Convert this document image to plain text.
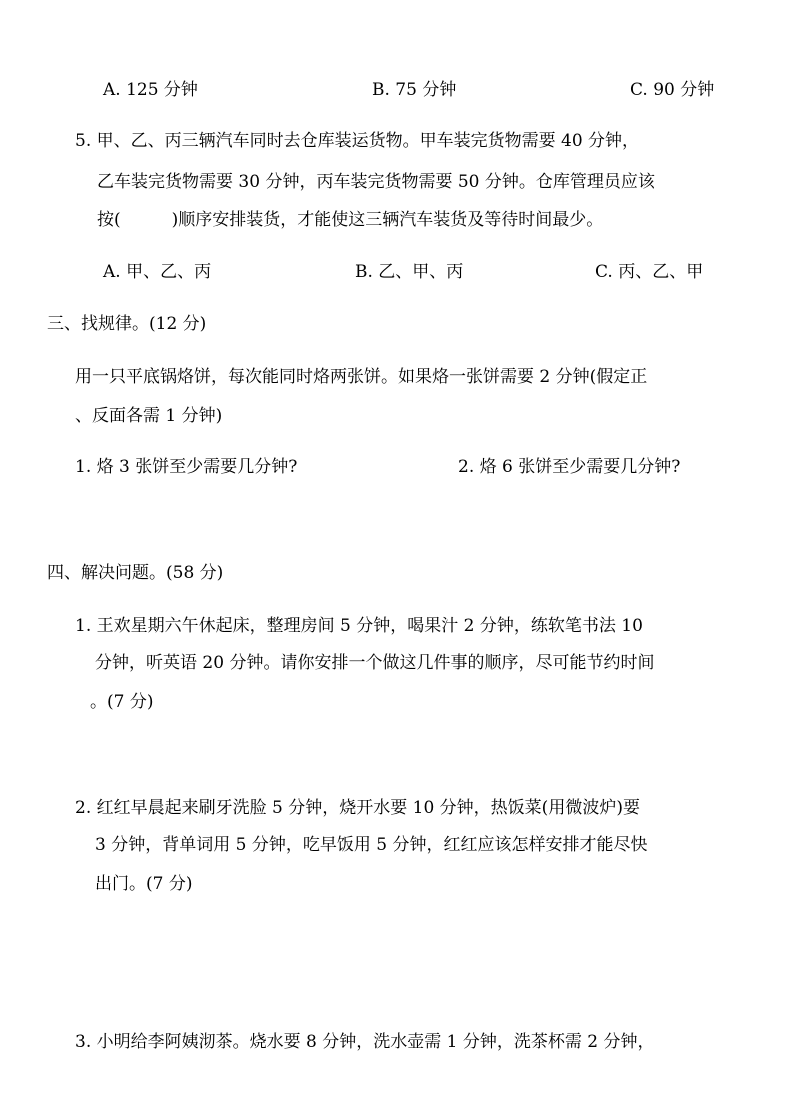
A. 125 分钟	B. 75 分钟	C. 90 分钟
5. 甲、乙、丙三辆汽车同时去仓库装运货物。甲车装完货物需要 40 分钟，
乙车装完货物需要 30 分钟，丙车装完货物需要 50 分钟。仓库管理员应该
按(　　　)顺序安排装货，才能使这三辆汽车装货及等待时间最少。
A. 甲、乙、丙	B. 乙、甲、丙	C. 丙、乙、甲
三、找规律。(12 分)
用一只平底锅烙饼，每次能同时烙两张饼。如果烙一张饼需要 2 分钟(假定正
、反面各需 1 分钟)
1. 烙 3 张饼至少需要几分钟?	2. 烙 6 张饼至少需要几分钟?
四、解决问题。(58 分)
1. 王欢星期六午休起床，整理房间 5 分钟，喝果汁 2 分钟，练软笔书法 10
分钟，听英语 20 分钟。请你安排一个做这几件事的顺序，尽可能节约时间
。(7 分)
2. 红红早晨起来刷牙洗脸 5 分钟，烧开水要 10 分钟，热饭菜(用微波炉)要
3 分钟，背单词用 5 分钟，吃早饭用 5 分钟，红红应该怎样安排才能尽快
出门。(7 分)
3. 小明给李阿姨沏茶。烧水要 8 分钟，洗水壶需 1 分钟，洗茶杯需 2 分钟，
